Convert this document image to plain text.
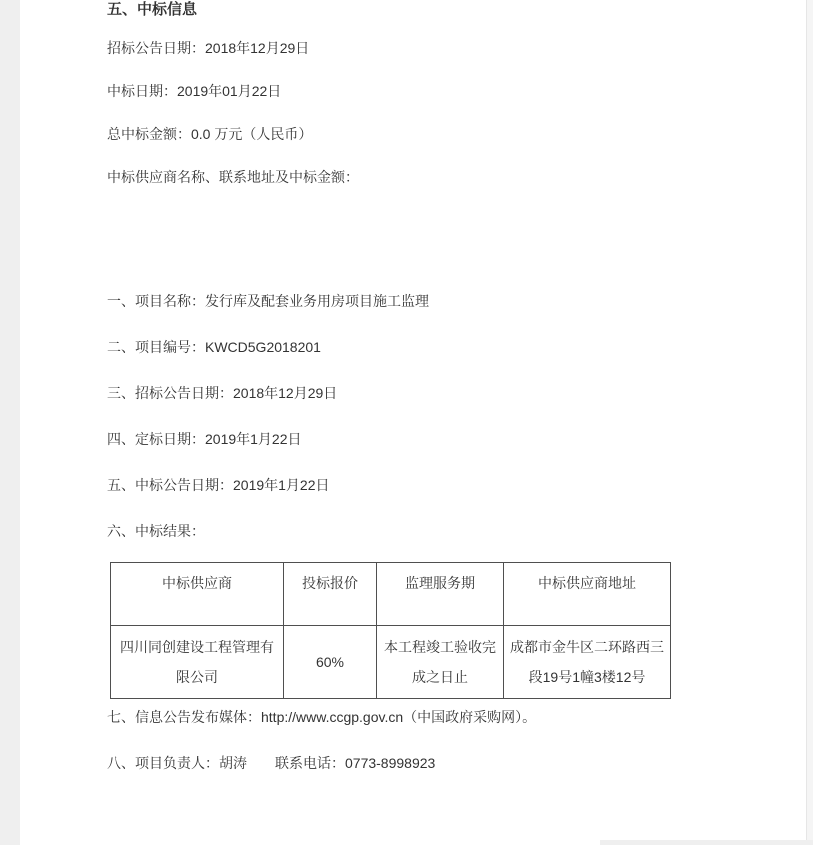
五、中标信息

招标公告日期：2018年12月29日

中标日期：2019年01月22日

总中标金额：0.0 万元（人民币）

中标供应商名称、联系地址及中标金额：

一、项目名称：发行库及配套业务用房项目施工监理

二、项目编号：KWCD5G2018201

三、招标公告日期：2018年12月29日

四、定标日期：2019年1月22日

五、中标公告日期：2019年1月22日

六、中标结果：

中标供应商	投标报价	监理服务期	中标供应商地址
四川同创建设工程管理有限公司	60%	本工程竣工验收完成之日止	成都市金牛区二环路西三段19号1幢3楼12号

七、信息公告发布媒体：http://www.ccgp.gov.cn（中国政府采购网）。

八、项目负责人：胡涛　　联系电话：0773-8998923
